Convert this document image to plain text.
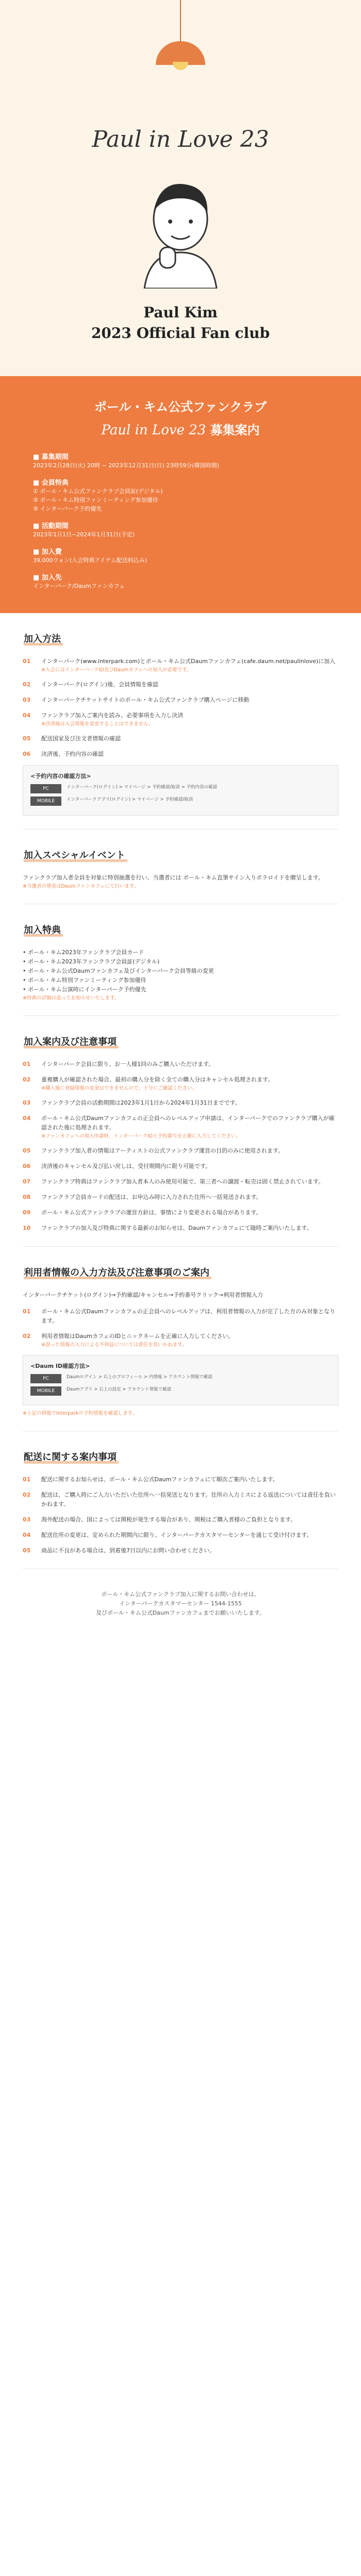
Paul in Love 23
Paul Kim
2023 Official Fan club
ポール・キム公式ファンクラブ
Paul in Love 23 募集案内
■ 募集期間
2023年2月28日(火) 20時 ~ 2023年12月31日(日) 23時59分(韓国時間)
■ 会員特典
① ポール・キム公式ファンクラブ会員証(デジタル)
② ポール・キム特別ファンミーティング参加優待
③ インターパーク予約優先
■ 活動期間
2023年1月1日~2024年1月31日(予定)
■ 加入費
39,000ウォン(入会特典アイテム配送料込み)
■ 加入先
インターパーク/Daumファンカフェ
加入方法
01	インターパーク(www.interpark.com)とポール・キム公式Daumファンカフェ(cafe.daum.net/paulinlove)に加入
※入会にはインターパークID及びDaumカフェへの加入が必要です。
02	インターパーク(ログイン)後、会員情報を確認
03	インターパークチケットサイトのポール・キム公式ファンクラブ購入ページに移動
04	ファンクラブ加入ご案内を読み、必要事項を入力し決済
※決済後は入会情報を変更することはできません。
05	配送国家及び注文者情報の確認
06	決済後、予約内容の確認
<予約内容の確認方法>
PC	インターパーク(ログイン) > マイページ > 予約確認/取消 > 予約内容の確認
MOBILE	インターパークアプリ(ログイン) > マイページ > 予約確認/取消
加入スペシャルイベント
ファンクラブ加入者全員を対象に特別抽選を行い、当選者には ポール・キム直筆サイン入りポラロイドを贈呈します。
※当選者の発表はDaumファンカフェにて行います。
加入特典
• ポール・キム2023年ファンクラブ会員カード
• ポール・キム2023年ファンクラブ会員証(デジタル)
• ポール・キム公式Daumファンカフェ及びインターパーク会員等級の変更
• ポール・キム特別ファンミーティング参加優待
• ポール・キム公演時にインターパーク予約優先
※特典の詳細は追ってお知らせいたします。
加入案内及び注意事項
01	インターパーク会員に限り、お一人様1回のみご購入いただけます。
02	重複購入が確認された場合、最初の購入分を除く全ての購入分はキャンセル処理されます。
※購入後に登録情報の変更はできませんので、十分にご確認ください。
03	ファンクラブ会員の活動期間は2023年1月1日から2024年1月31日までです。
04	ポール・キム公式Daumファンカフェの正会員へのレベルアップ申請は、インターパークでのファンクラブ購入が確認された後に処理されます。
※ファンカフェへの加入申請時、インターパークIDと予約番号を正確に入力してください。
05	ファンクラブ加入者の情報はアーティストの公式ファンクラブ運営の目的のみに使用されます。
06	決済後のキャンセル及び払い戻しは、受付期間内に限り可能です。
07	ファンクラブ特典はファンクラブ加入者本人のみ使用可能で、第三者への譲渡・転売は固く禁止されています。
08	ファンクラブ会員カードの配送は、お申込み時に入力された住所へ一括発送されます。
09	ポール・キム公式ファンクラブの運営方針は、事情により変更される場合があります。
10	ファンクラブの加入及び特典に関する最新のお知らせは、Daumファンカフェにて随時ご案内いたします。
利用者情報の入力方法及び注意事項のご案内
インターパークチケット(ログイン)→予約確認/キャンセル→予約番号クリック→利用者情報入力
01	ポール・キム公式Daumファンカフェの正会員へのレベルアップは、利用者情報の入力が完了した方のみ対象となります。
02	利用者情報はDaumカフェのIDとニックネームを正確に入力してください。
※誤った情報の入力による不利益については責任を負いかねます。
<Daum ID確認方法>
PC	Daumログイン > 右上のプロフィール > 内情報 > アカウント情報で確認
MOBILE	Daumアプリ > 右上の設定 > アカウント情報で確認
※上記の情報でInterparkの予約情報を確認します。
配送に関する案内事項
01	配送に関するお知らせは、ポール・キム公式Daumファンカフェにて順次ご案内いたします。
02	配送は、ご購入時にご入力いただいた住所へ一括発送となります。住所の入力ミスによる返送については責任を負いかねます。
03	海外配送の場合、国によっては関税が発生する場合があり、関税はご購入者様のご負担となります。
04	配送住所の変更は、定められた期間内に限り、インターパークカスタマーセンターを通じて受け付けます。
05	商品に不良がある場合は、到着後7日以内にお問い合わせください。
ポール・キム公式ファンクラブ加入に関するお問い合わせは、
インターパークカスタマーセンター 1544-1555
及びポール・キム公式Daumファンカフェまでお願いいたします。
